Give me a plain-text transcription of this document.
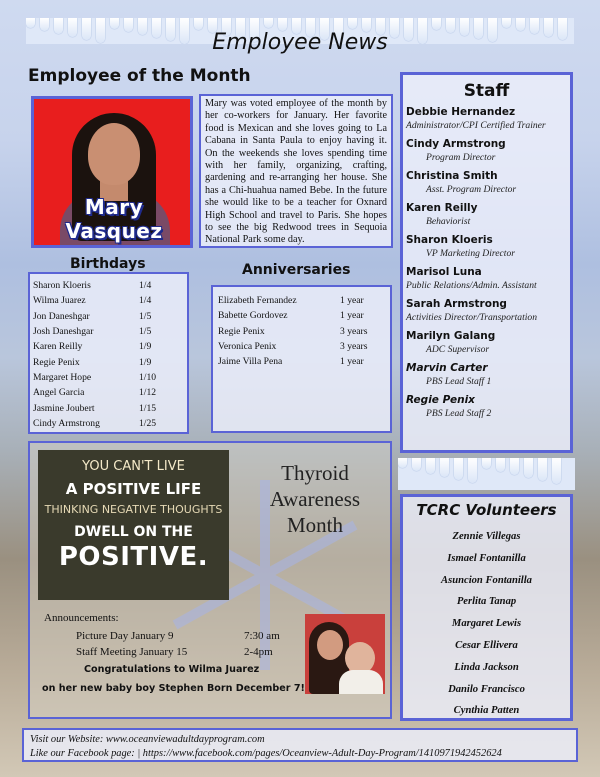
Employee News
Employee of the Month
Mary Vasquez
Mary was voted employee of the month by her co-workers for January. Her favorite food is Mexican and she loves going to La Cabana in Santa Paula to enjoy having it. On the weekends she loves spending time with her family, organizing, crafting, gardening and re-arranging her house. She has a Chi-huahua named Bebe. In the future she would like to be a teacher for Oxnard High School and travel to Paris. She hopes to see the big Redwood trees in Sequoia National Park some day.
Birthdays
Sharon Kloeris	1/4
Wilma Juarez	1/4
Jon Daneshgar	1/5
Josh Daneshgar	1/5
Karen Reilly	1/9
Regie Penix	1/9
Margaret Hope	1/10
Angel Garcia	1/12
Jasmine Joubert	1/15
Cindy Armstrong	1/25
Anniversaries
Elizabeth Fernandez	1 year
Babette Gordovez	1 year
Regie Penix	3 years
Veronica Penix	3 years
Jaime Villa Pena	1 year
Staff
Debbie Hernandez
Administrator/CPI Certified Trainer
Cindy Armstrong
Program Director
Christina Smith
Asst. Program Director
Karen Reilly
Behaviorist
Sharon Kloeris
VP Marketing Director
Marisol Luna
Public Relations/Admin. Assistant
Sarah Armstrong
Activities Director/Transportation
Marilyn Galang
ADC Supervisor
Marvin Carter
PBS Lead Staff 1
Regie Penix
PBS Lead Staff 2
TCRC Volunteers
Zennie Villegas
Ismael Fontanilla
Asuncion Fontanilla
Perlita Tanap
Margaret Lewis
Cesar Ellivera
Linda Jackson
Danilo Francisco
Cynthia Patten
YOU CAN'T LIVE
A POSITIVE LIFE
THINKING NEGATIVE THOUGHTS
DWELL ON THE
POSITIVE.
Thyroid
Awareness
Month
Announcements:
Picture Day January 9	7:30 am
Staff Meeting January 15	2-4pm
Congratulations to Wilma Juarez
on her new baby boy Stephen Born December 7!
Visit our Website: www.oceanviewadultdayprogram.com
Like our Facebook page: | https://www.facebook.com/pages/Oceanview-Adult-Day-Program/1410971942452624
